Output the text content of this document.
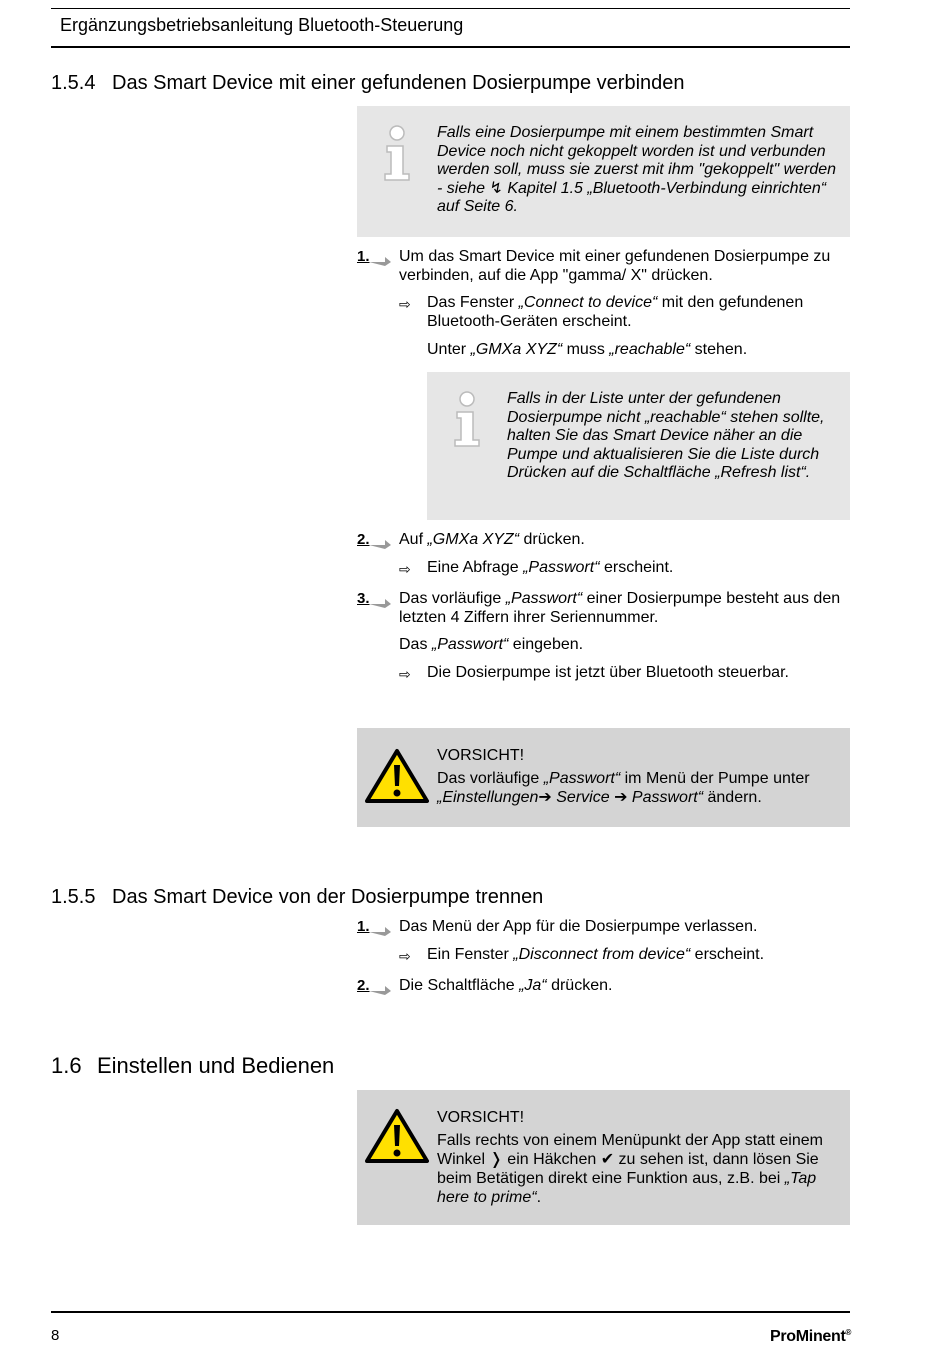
Ergänzungsbetriebsanleitung Bluetooth-Steuerung
1.5.4 Das Smart Device mit einer gefundenen Dosierpumpe verbinden
Falls eine Dosierpumpe mit einem bestimmten Smart Device noch nicht gekoppelt worden ist und verbunden werden soll, muss sie zuerst mit ihm "gekoppelt" werden - siehe ↯ Kapitel 1.5 „Bluetooth-Verbindung einrichten“ auf Seite 6.
1. Um das Smart Device mit einer gefundenen Dosierpumpe zu verbinden, auf die App "gamma/ X" drücken.
⇨ Das Fenster „Connect to device“ mit den gefundenen Bluetooth-Geräten erscheint.
Unter „GMXa XYZ“ muss „reachable“ stehen.
Falls in der Liste unter der gefundenen Dosierpumpe nicht „reachable“ stehen sollte, halten Sie das Smart Device näher an die Pumpe und aktualisieren Sie die Liste durch Drücken auf die Schaltfläche „Refresh list“.
2. Auf „GMXa XYZ“ drücken.
⇨ Eine Abfrage „Passwort“ erscheint.
3. Das vorläufige „Passwort“ einer Dosierpumpe besteht aus den letzten 4 Ziffern ihrer Seriennummer.
Das „Passwort“ eingeben.
⇨ Die Dosierpumpe ist jetzt über Bluetooth steuerbar.
VORSICHT!
Das vorläufige „Passwort“ im Menü der Pumpe unter
„Einstellungen➔ Service ➔ Passwort“ ändern.
1.5.5 Das Smart Device von der Dosierpumpe trennen
1. Das Menü der App für die Dosierpumpe verlassen.
⇨ Ein Fenster „Disconnect from device“ erscheint.
2. Die Schaltfläche „Ja“ drücken.
1.6 Einstellen und Bedienen
VORSICHT!
Falls rechts von einem Menüpunkt der App statt einem Winkel ❭ ein Häkchen ✔ zu sehen ist, dann lösen Sie beim Betätigen direkt eine Funktion aus, z.B. bei „Tap here to prime“.
8	ProMinent®
